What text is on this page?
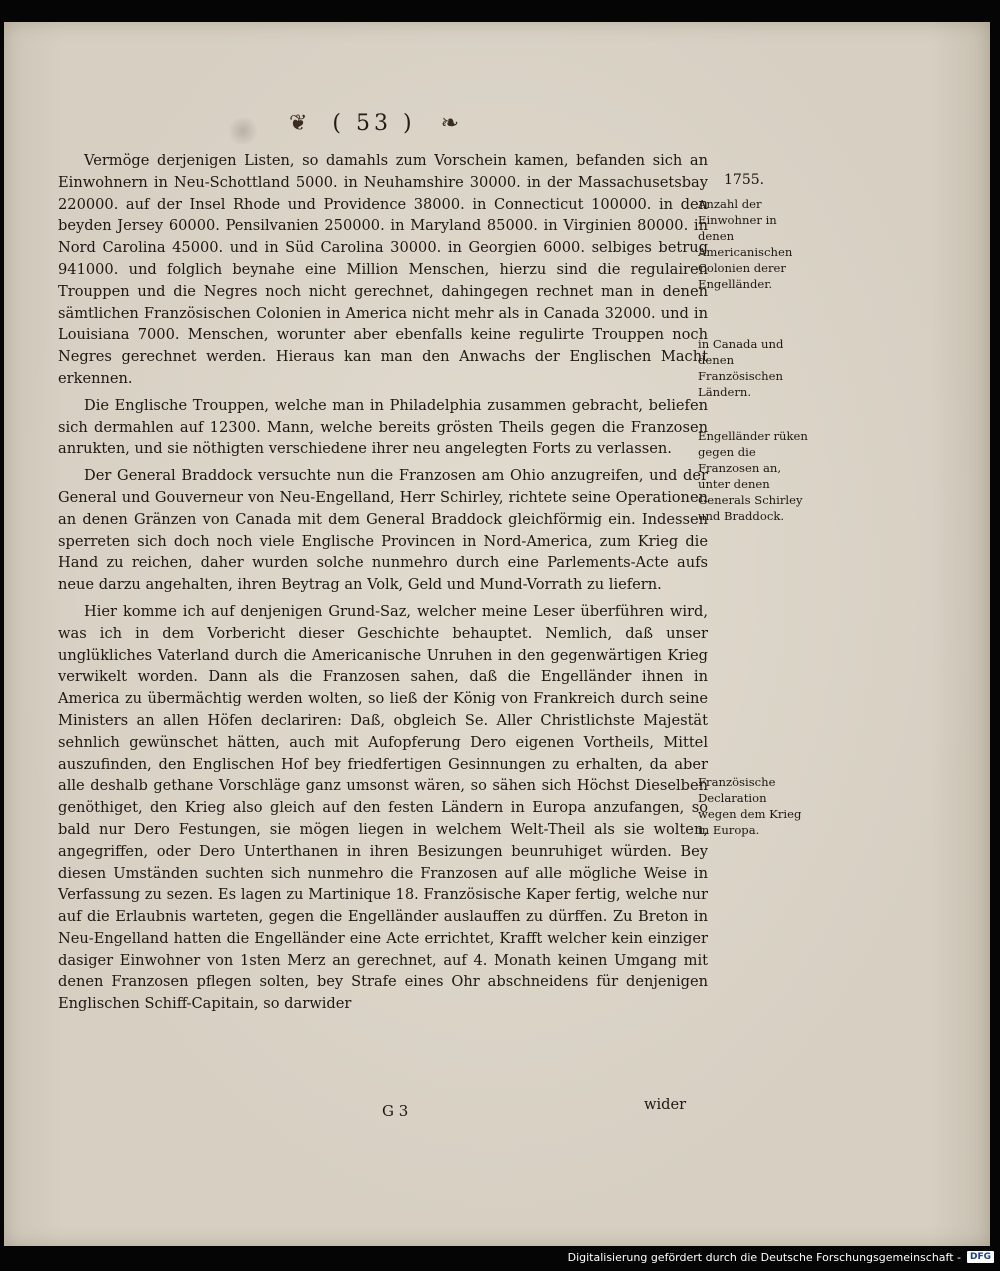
❦ ( 53 ) ❧
1755.

Vermöge derjenigen Listen, so damahls zum Vorschein kamen, befanden sich an Einwohnern in Neu-Schottland 5000. in Neuhamshire 30000. in der Massachusetsbay 220000. auf der Insel Rhode und Providence 38000. in Connecticut 100000. in den beyden Jersey 60000. Pensilvanien 250000. in Maryland 85000. in Virginien 80000. in Nord Carolina 45000. und in Süd Carolina 30000. in Georgien 6000. selbiges betrug 941000. und folglich beynahe eine Million Menschen, hierzu sind die regulairen Trouppen und die Negres noch nicht gerechnet, dahingegen rechnet man in denen sämtlichen Französischen Colonien in America nicht mehr als in Canada 32000. und in Louisiana 7000. Menschen, worunter aber ebenfalls keine regulirte Trouppen noch Negres gerechnet werden. Hieraus kan man den Anwachs der Englischen Macht erkennen.

Die Englische Trouppen, welche man in Philadelphia zusammen gebracht, beliefen sich dermahlen auf 12300. Mann, welche bereits grösten Theils gegen die Franzosen anrukten, und sie nöthigten verschiedene ihrer neu angelegten Forts zu verlassen.

Der General Braddock versuchte nun die Franzosen am Ohio anzugreifen, und der General und Gouverneur von Neu-Engelland, Herr Schirley, richtete seine Operationen an denen Gränzen von Canada mit dem General Braddock gleichförmig ein. Indessen sperreten sich doch noch viele Englische Provincen in Nord-America, zum Krieg die Hand zu reichen, daher wurden solche nunmehro durch eine Parlements-Acte aufs neue darzu angehalten, ihren Beytrag an Volk, Geld und Mund-Vorrath zu liefern.

Hier komme ich auf denjenigen Grund-Saz, welcher meine Leser überführen wird, was ich in dem Vorbericht dieser Geschichte behauptet. Nemlich, daß unser unglükliches Vaterland durch die Americanische Unruhen in den gegenwärtigen Krieg verwikelt worden. Dann als die Franzosen sahen, daß die Engelländer ihnen in America zu übermächtig werden wolten, so ließ der König von Frankreich durch seine Ministers an allen Höfen declariren: Daß, obgleich Se. Aller Christlichste Majestät sehnlich gewünschet hätten, auch mit Aufopferung Dero eigenen Vortheils, Mittel auszufinden, den Englischen Hof bey friedfertigen Gesinnungen zu erhalten, da aber alle deshalb gethane Vorschläge ganz umsonst wären, so sähen sich Höchst Dieselben genöthiget, den Krieg also gleich auf den festen Ländern in Europa anzufangen, so bald nur Dero Festungen, sie mögen liegen in welchem Welt-Theil als sie wolten, angegriffen, oder Dero Unterthanen in ihren Besizungen beunruhiget würden. Bey diesen Umständen suchten sich nunmehro die Franzosen auf alle mögliche Weise in Verfassung zu sezen. Es lagen zu Martinique 18. Französische Kaper fertig, welche nur auf die Erlaubnis warteten, gegen die Engelländer auslauffen zu dürffen. Zu Breton in Neu-Engelland hatten die Engelländer eine Acte errichtet, Krafft welcher kein einziger dasiger Einwohner von 1sten Merz an gerechnet, auf 4. Monath keinen Umgang mit denen Franzosen pflegen solten, bey Strafe eines Ohr abschneidens für denjenigen Englischen Schiff-Capitain, so darwider

Anzahl der Einwohner in denen Americanischen Colonien derer Engelländer.
in Canada und denen Französischen Ländern.
Engelländer rüken gegen die Franzosen an, unter denen Generals Schirley und Braddock.
Französische Declaration wegen dem Krieg in Europa.
G 3	wider
Digitalisierung gefördert durch die Deutsche Forschungsgemeinschaft -	DFG
